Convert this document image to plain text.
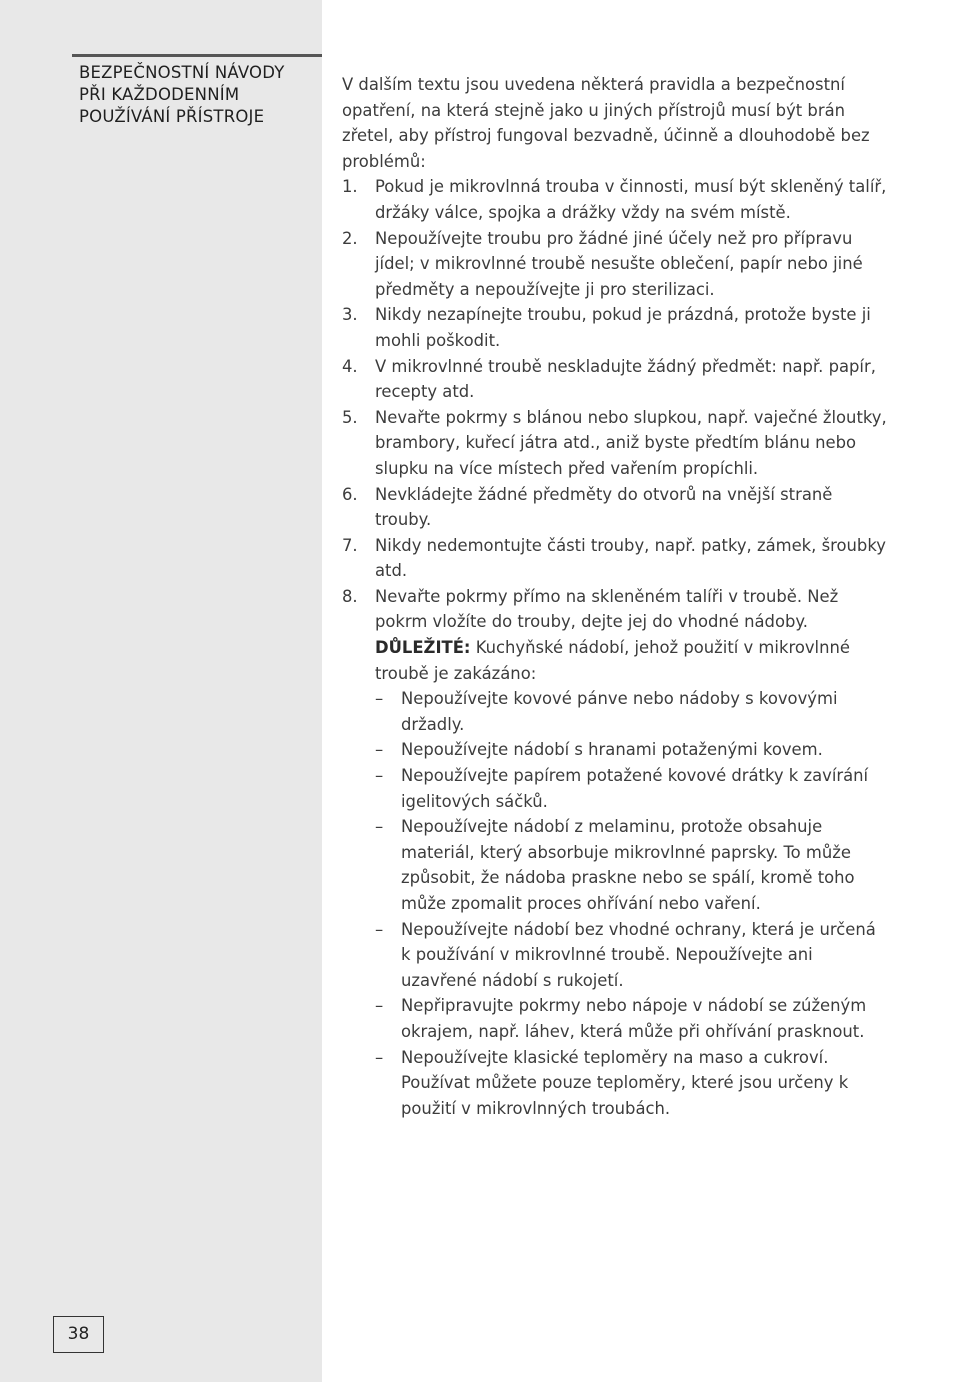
BEZPEČNOSTNÍ NÁVODY PŘI KAŽDODENNÍM POUŽÍVÁNÍ PŘÍSTROJE
38

V dalším textu jsou uvedena některá pravidla a bezpečnostní opatření, na která stejně jako u jiných přístrojů musí být brán zřetel, aby přístroj fungoval bezvadně, účinně a dlouhodobě bez problémů:

1. Pokud je mikrovlnná trouba v činnosti, musí být skleněný talíř, držáky válce, spojka a drážky vždy na svém místě.
2. Nepoužívejte troubu pro žádné jiné účely než pro přípravu jídel; v mikrovlnné troubě nesušte oblečení, papír nebo jiné předměty a nepoužívejte ji pro sterilizaci.
3. Nikdy nezapínejte troubu, pokud je prázdná, protože byste ji mohli poškodit.
4. V mikrovlnné troubě neskladujte žádný předmět: např. papír, recepty atd.
5. Nevařte pokrmy s blánou nebo slupkou, např. vaječné žloutky, brambory, kuřecí játra atd., aniž byste předtím blánu nebo slupku na více místech před vařením propíchli.
6. Nevkládejte žádné předměty do otvorů na vnější straně trouby.
7. Nikdy nedemontujte části trouby, např. patky, zámek, šroubky atd.
8. Nevařte pokrmy přímo na skleněném talíři v troubě. Než pokrm vložíte do trouby, dejte jej do vhodné nádoby.
DŮLEŽITÉ: Kuchyňské nádobí, jehož použití v mikrovlnné troubě je zakázáno:
– Nepoužívejte kovové pánve nebo nádoby s kovovými držadly.
– Nepoužívejte nádobí s hranami potaženými kovem.
– Nepoužívejte papírem potažené kovové drátky k zavírání igelitových sáčků.
– Nepoužívejte nádobí z melaminu, protože obsahuje materiál, který absorbuje mikrovlnné paprsky. To může způsobit, že nádoba praskne nebo se spálí, kromě toho může zpomalit proces ohřívání nebo vaření.
– Nepoužívejte nádobí bez vhodné ochrany, která je určená k používání v mikrovlnné troubě. Nepoužívejte ani uzavřené nádobí s rukojetí.
– Nepřipravujte pokrmy nebo nápoje v nádobí se zúženým okrajem, např. láhev, která může při ohřívání prasknout.
– Nepoužívejte klasické teploměry na maso a cukroví. Používat můžete pouze teploměry, které jsou určeny k použití v mikrovlnných troubách.
